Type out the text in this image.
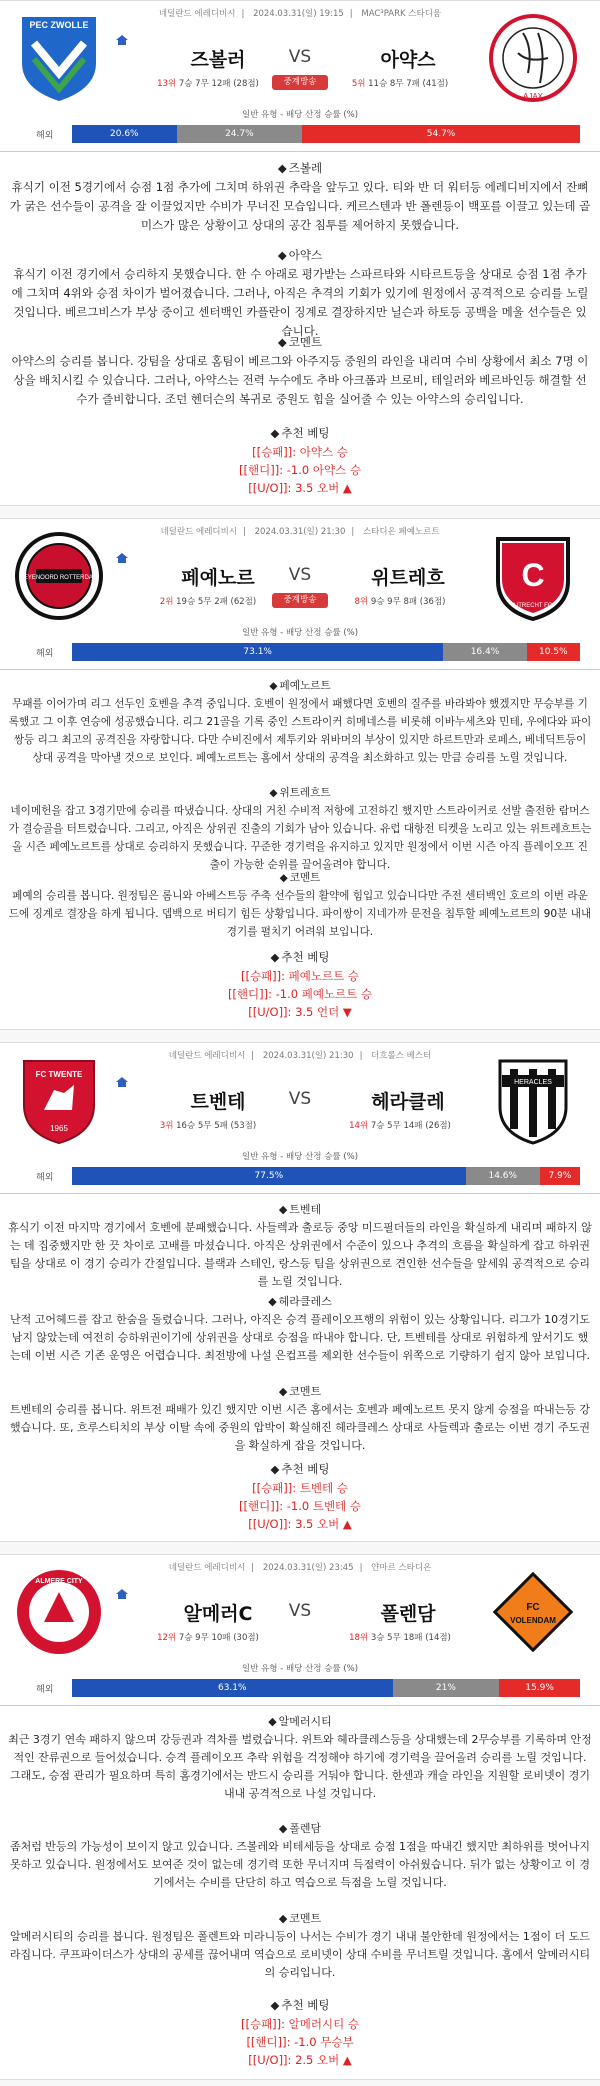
네덜란드 에레디비시 | 2024.03.31(일) 19:15 | MAC³PARK 스타디움
PEC ZWOLLE
즈볼러	VS	아약스
13위 7승 7무 12패 (28점)	중계방송	5위 11승 8무 7패 (41점)
AJAX
일반 유형 - 배당 산정 승률 (%)
해외	20.6%	24.7%	54.7%
◆ 즈볼레
휴식기 이전 5경기에서 승점 1점 추가에 그치며 하위권 추락을 앞두고 있다. 티와 반 더 워터등 에레디비지에서 잔뼈가 굵은 선수들이 공격을 잘 이끌었지만 수비가 무너진 모습입니다. 케르스텐과 반 폴렌등이 백포를 이끌고 있는데 골미스가 많은 상황이고 상대의 공간 침투를 제어하지 못했습니다.
◆ 아약스
휴식기 이전 경기에서 승리하지 못했습니다. 한 수 아래로 평가받는 스파르타와 시타르트등을 상대로 승점 1점 추가에 그치며 4위와 승점 차이가 벌어졌습니다. 그러나, 아직은 추격의 기회가 있기에 원정에서 공격적으로 승리를 노릴 것입니다. 베르그비스가 부상 중이고 센터백인 카플란이 징계로 결장하지만 닐슨과 하토등 공백을 메울 선수들은 있습니다.
◆ 코멘트
아약스의 승리를 봅니다. 강팀을 상대로 홈팀이 베르그와 아주지등 중원의 라인을 내리며 수비 상황에서 최소 7명 이상을 배치시킬 수 있습니다. 그러나, 아약스는 전력 누수에도 추바 아크폼과 브로비, 테일러와 베르바인등 해결할 선수가 즐비합니다. 조던 헨더슨의 복귀로 중원도 힘을 실어줄 수 있는 아약스의 승리입니다.
◆ 추천 베팅
[[승패]]: 아약스 승
[[핸디]]: -1.0 아약스 승
[[U/O]]: 3.5 오버 ▲
네덜란드 에레디비시 | 2024.03.31(일) 21:30 | 스타디온 페예노르트
FEYENOORD ROTTERDAM	페예노르	VS	위트레흐
2위 19승 5무 2패 (62점)	중계방송	8위 9승 9무 8패 (36점)
C
UTRECHT FC
일반 유형 - 배당 산정 승률 (%)
해외	73.1%	16.4%	10.5%
◆ 페예노르트
무패를 이어가며 리그 선두인 호벤을 추격 중입니다. 호벤이 원정에서 패했다면 호벤의 질주를 바라봐야 했겠지만 무승부를 기록했고 그 이후 연승에 성공했습니다. 리그 21골을 기록 중인 스트라이커 히메네스를 비롯해 이바누세츠와 민테, 우에다와 파이쌍등 리그 최고의 공격진을 자랑합니다. 다만 수비진에서 제투키와 위바머의 부상이 있지만 하르트만과 로페스, 베네딕트등이 상대 공격을 막아낼 것으로 보인다. 페예노르트는 홈에서 상대의 공격을 최소화하고 있는 만큼 승리를 노릴 것입니다.
◆ 위트레흐트
네이메헌을 잡고 3경기만에 승리를 따냈습니다. 상대의 거친 수비적 저항에 고전하긴 했지만 스트라이커로 선발 출전한 람머스가 결승골을 터트렸습니다. 그리고, 아직은 상위권 진출의 기회가 남아 있습니다. 유럽 대항전 티켓을 노리고 있는 위트레흐트는 올 시즌 페예노르트를 상대로 승리하지 못했습니다. 꾸준한 경기력을 유지하고 있지만 원정에서 이번 시즌 아직 플레이오프 진출이 가능한 순위를 끌어올려야 합니다.
◆ 코멘트
페예의 승리를 봅니다. 원정팀은 롬니와 아베스트등 주축 선수들의 활약에 힘입고 있습니다만 주전 센터백인 호르의 이번 라운드에 징계로 결장을 하게 됩니다. 뎁백으로 버티기 힘든 상황입니다. 파이쌍이 지네가까 문전을 침투할 페예노르트의 90분 내내 경기를 펼치기 어려워 보입니다.
◆ 추천 베팅
[[승패]]: 페예노르트 승
[[핸디]]: -1.0 페예노르트 승
[[U/O]]: 3.5 언더 ▼
네덜란드 에레디비시 | 2024.03.31(일) 21:30 | 더흐롤스 베스터
FC TWENTE
1965
트벤테	VS	헤라클레
3위 16승 5무 5패 (53점)	14위 7승 5무 14패 (26점)
HERACLES
일반 유형 - 배당 산정 승률 (%)
해외	77.5%	14.6%	7.9%
◆ 트벤테
휴식기 이전 마지막 경기에서 호벤에 분패했습니다. 사들렉과 출로등 중앙 미드필더들의 라인을 확실하게 내리며 패하지 않는 데 집중했지만 한 끗 차이로 고배를 마셨습니다. 아직은 상위권에서 수준이 있으나 추격의 흐름을 확실하게 잡고 하위권 팀을 상대로 이 경기 승리가 간절입니다. 블랙과 스테인, 랑스등 팀을 상위권으로 견인한 선수들을 앞세워 공격적으로 승리를 노릴 것입니다.
◆ 헤라클레스
난적 고어헤드를 잡고 한숨을 돌렸습니다. 그러나, 아직은 승격 플레이오프행의 위험이 있는 상황입니다. 리그가 10경기도 남지 않았는데 여전히 승하위권이기에 상위권을 상대로 승점을 따내야 합니다. 단, 트벤테를 상대로 위험하게 앞서기도 했는데 이번 시즌 기존 운영은 어렵습니다. 최전방에 나설 은컵프를 제외한 선수들이 위쪽으로 기량하기 쉽지 않아 보입니다.
◆ 코멘트
트벤테의 승리를 봅니다. 위트전 패배가 있긴 했지만 이번 시즌 홈에서는 호벤과 페예노르트 못지 않게 승점을 따내는등 강했습니다. 또, 흐루스티치의 부상 이탈 속에 중원의 압박이 확실해진 헤라클레스 상대로 사들렉과 출로는 이번 경기 주도권을 확실하게 잡을 것입니다.
◆ 추천 베팅
[[승패]]: 트벤테 승
[[핸디]]: -1.0 트벤테 승
[[U/O]]: 3.5 오버 ▲
네덜란드 에레디비시 | 2024.03.31(일) 23:45 | 얀마르 스타디온
ALMERE CITY
알메러C	VS	폴렌담
12위 7승 9무 10패 (30점)	18위 3승 5무 18패 (14점)
FC
VOLENDAM
일반 유형 - 배당 산정 승률 (%)
해외	63.1%	21%	15.9%
◆ 알메러시티
최근 3경기 연속 패하지 않으며 강등권과 격차를 벌렸습니다. 위트와 헤라클레스등을 상대했는데 2무승부를 기록하며 안정적인 잔류권으로 들어섰습니다. 승격 플레이오프 추락 위험을 걱정해야 하기에 경기력을 끌어올려 승리를 노릴 것입니다. 그래도, 승점 관리가 필요하며 특히 홈경기에서는 반드시 승리를 거둬야 합니다. 한센과 캐슬 라인을 지원할 로비넷이 경기 내내 공격적으로 나설 것입니다.
◆ 폴렌담
좀처럼 반등의 가능성이 보이지 않고 있습니다. 즈볼레와 비테세등을 상대로 승점 1점을 따내긴 했지만 최하위를 벗어나지 못하고 있습니다. 원정에서도 보여준 것이 없는데 경기력 또한 무너지며 득점력이 아쉬웠습니다. 뒤가 없는 상황이고 이 경기에서는 수비를 단단히 하고 역습으로 득점을 노릴 것입니다.
◆ 코멘트
알메러시티의 승리를 봅니다. 원정팀은 폴렌트와 미라니등이 나서는 수비가 경기 내내 불안한데 원정에서는 1점이 더 도드라집니다. 쿠프파이더스가 상대의 공세를 끊어내며 역습으로 로비넷이 상대 수비를 무너트릴 것입니다. 홈에서 알메러시티의 승리입니다.
◆ 추천 베팅
[[승패]]: 알메러시티 승
[[핸디]]: -1.0 무승부
[[U/O]]: 2.5 오버 ▲
